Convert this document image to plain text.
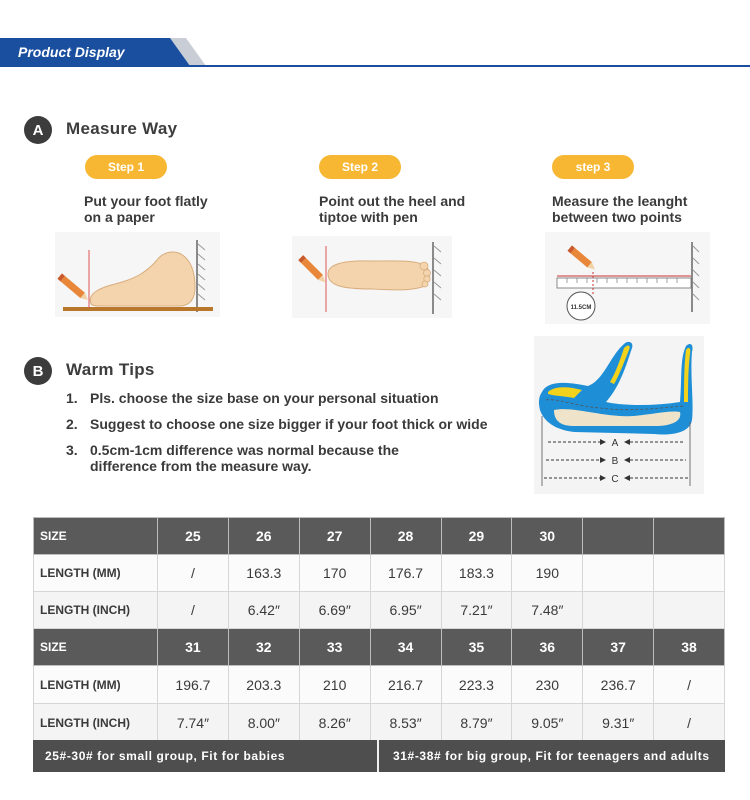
Product Display
A	Measure Way
Step 1
Put your foot flatly
on a paper
Step 2
Point out the heel and
tiptoe with pen
step 3
Measure the leanght
between two points
11.5CM
B	Warm Tips
1. Pls. choose the size base on your personal situation
2. Suggest to choose one size bigger if your foot thick or wide
3. 0.5cm-1cm difference was normal because the difference from the measure way.
A
B
C
SIZE	25	26	27	28	29	30		
LENGTH (MM)	/	163.3	170	176.7	183.3	190		
LENGTH (INCH)	/	6.42″	6.69″	6.95″	7.21″	7.48″		
SIZE	31	32	33	34	35	36	37	38
LENGTH (MM)	196.7	203.3	210	216.7	223.3	230	236.7	/
LENGTH (INCH)	7.74″	8.00″	8.26″	8.53″	8.79″	9.05″	9.31″	/
25#-30# for small group, Fit for babies	31#-38# for big group, Fit for teenagers and adults
